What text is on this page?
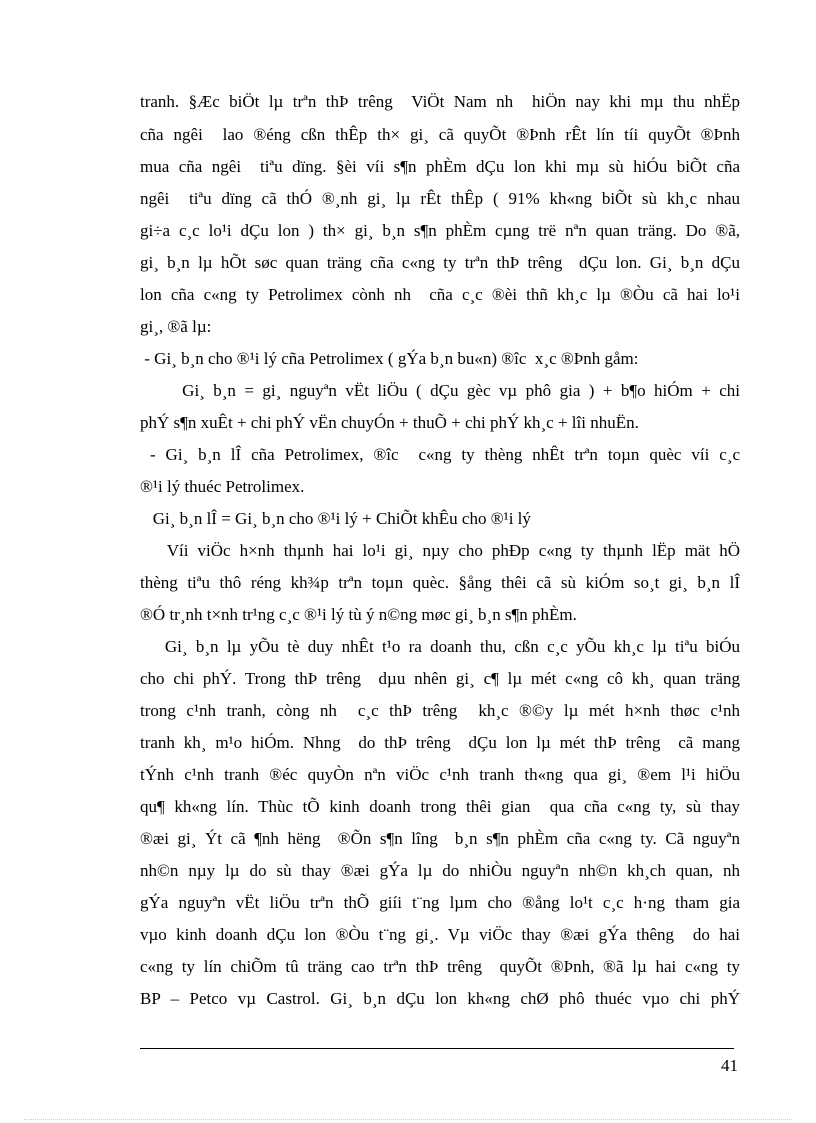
tranh. §Æc biÖt lµ trªn thÞ trêng  ViÖt Nam nh  hiÖn nay khi mµ thu nhËp
cña ngêi  lao ®éng cßn thÊp th× gi¸ cã quyÕt ®Þnh rÊt lín tíi quyÕt ®Þnh
mua cña ngêi  tiªu dïng. §èi víi s¶n phÈm dÇu lon khi mµ sù hiÓu biÕt cña
ngêi  tiªu dïng cã thÓ ®¸nh gi¸ lµ rÊt thÊp ( 91% kh«ng biÕt sù kh¸c nhau
gi÷a c¸c lo¹i dÇu lon ) th× gi¸ b¸n s¶n phÈm cµng trë nªn quan träng. Do ®ã,
gi¸ b¸n lµ hÕt søc quan träng cña c«ng ty trªn thÞ trêng  dÇu lon. Gi¸ b¸n dÇu
lon cña c«ng ty Petrolimex cònh nh  cña c¸c ®èi thñ kh¸c lµ ®Òu cã hai lo¹i
gi¸, ®ã lµ:
- Gi¸ b¸n cho ®¹i lý cña Petrolimex ( gÝa b¸n bu«n) ®îc  x¸c ®Þnh gåm:
Gi¸ b¸n = gi¸ nguyªn vËt liÖu ( dÇu gèc vµ phô gia ) + b¶o hiÓm + chi
phÝ s¶n xuÊt + chi phÝ vËn chuyÓn + thuÕ + chi phÝ kh¸c + lîi nhuËn.
- Gi¸ b¸n lÎ cña Petrolimex, ®îc  c«ng ty thèng nhÊt trªn toµn quèc víi c¸c
®¹i lý thuéc Petrolimex.
Gi¸ b¸n lÎ = Gi¸ b¸n cho ®¹i lý + ChiÕt khÊu cho ®¹i lý
Víi viÖc h×nh thµnh hai lo¹i gi¸ nµy cho phÐp c«ng ty thµnh lËp mät hÖ
thèng tiªu thô réng kh¾p trªn toµn quèc. §ång thêi cã sù kiÓm so¸t gi¸ b¸n lÎ
®Ó tr¸nh t×nh tr¹ng c¸c ®¹i lý tù ý n©ng møc gi¸ b¸n s¶n phÈm.
Gi¸ b¸n lµ yÕu tè duy nhÊt t¹o ra doanh thu, cßn c¸c yÕu kh¸c lµ tiªu biÓu
cho chi phÝ. Trong thÞ trêng  dµu nhên gi¸ c¶ lµ mét c«ng cô kh¸ quan träng
trong c¹nh tranh, còng nh  c¸c thÞ trêng  kh¸c ®©y lµ mét h×nh thøc c¹nh
tranh kh¸ m¹o hiÓm. Nhng  do thÞ trêng  dÇu lon lµ mét thÞ trêng  cã mang
tÝnh c¹nh tranh ®éc quyÒn nªn viÖc c¹nh tranh th«ng qua gi¸ ®em l¹i hiÖu
qu¶ kh«ng lín. Thùc tÕ kinh doanh trong thêi gian  qua cña c«ng ty, sù thay
®æi gi¸ Ýt cã ¶nh hëng  ®Õn s¶n lîng  b¸n s¶n phÈm cña c«ng ty. Cã nguyªn
nh©n nµy lµ do sù thay ®æi gÝa lµ do nhiÒu nguyªn nh©n kh¸ch quan, nh
gÝa nguyªn vËt liÖu trªn thÕ giíi t¨ng lµm cho ®ång lo¹t c¸c h·ng tham gia
vµo kinh doanh dÇu lon ®Òu t¨ng gi¸. Vµ viÖc thay ®æi gÝa thêng  do hai
c«ng ty lín chiÕm tû träng cao trªn thÞ trêng  quyÕt ®Þnh, ®ã lµ hai c«ng ty
BP – Petco vµ Castrol. Gi¸ b¸n dÇu lon kh«ng chØ phô thuéc vµo chi phÝ
41
